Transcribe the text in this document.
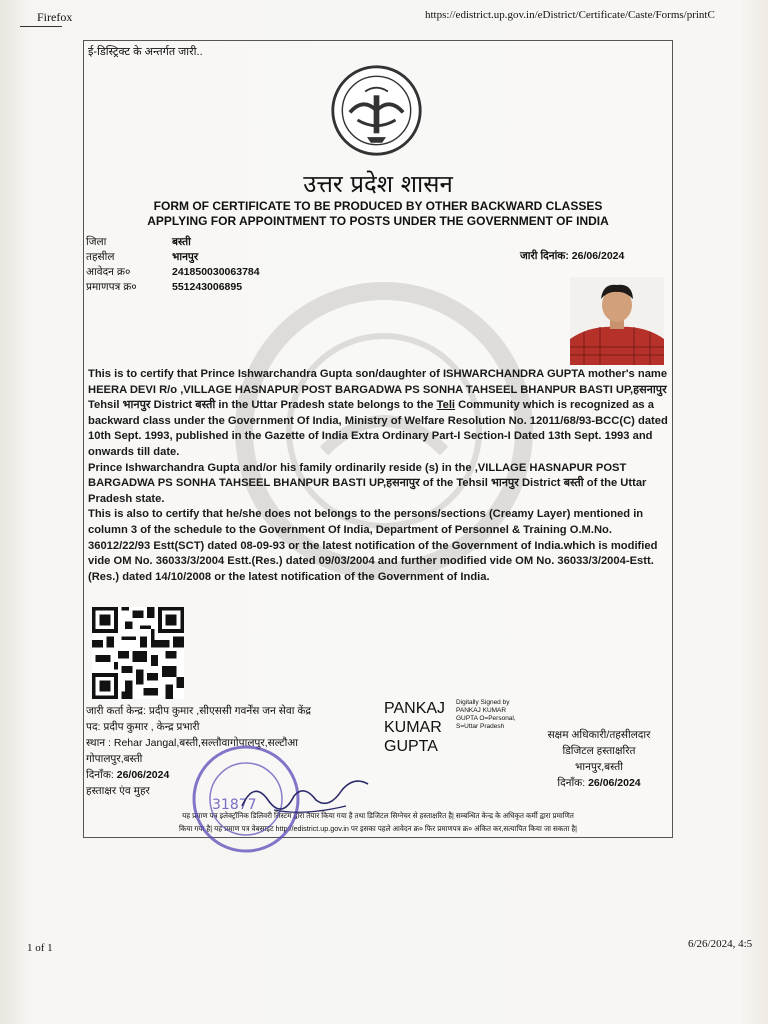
Firefox	https://edistrict.up.gov.in/eDistrict/Certificate/Caste/Forms/printC
ई-डिस्ट्रिक्ट के अन्तर्गत जारी..
उत्तर प्रदेश शासन
FORM OF CERTIFICATE TO BE PRODUCED BY OTHER BACKWARD CLASSES
APPLYING FOR APPOINTMENT TO POSTS UNDER THE GOVERNMENT OF INDIA
जिला	बस्ती
तहसील	भानपुर
आवेदन क्र०	241850030063784
प्रमाणपत्र क्र०	551243006895
जारी दिनांक: 26/06/2024

This is to certify that Prince Ishwarchandra Gupta son/daughter of ISHWARCHANDRA GUPTA mother's name HEERA DEVI R/o ,VILLAGE HASNAPUR POST BARGADWA PS SONHA TAHSEEL BHANPUR BASTI UP,हसनापुर Tehsil भानपुर District बस्ती in the Uttar Pradesh state belongs to the Teli Community which is recognized as a backward class under the Government Of India, Ministry of Welfare Resolution No. 12011/68/93-BCC(C) dated 10th Sept. 1993, published in the Gazette of India Extra Ordinary Part-I Section-I Dated 13th Sept. 1993 and onwards till date.

Prince Ishwarchandra Gupta and/or his family ordinarily reside (s) in the ,VILLAGE HASNAPUR POST BARGADWA PS SONHA TAHSEEL BHANPUR BASTI UP,हसनापुर of the Tehsil भानपुर District बस्ती of the Uttar Pradesh state.

This is also to certify that he/she does not belongs to the persons/sections (Creamy Layer) mentioned in column 3 of the schedule to the Government Of India, Department of Personnel & Training O.M.No. 36012/22/93 Estt(SCT) dated 08-09-93 or the latest notification of the Government of India.which is modified vide OM No. 36033/3/2004 Estt.(Res.) dated 09/03/2004 and further modified vide OM No. 36033/3/2004-Estt. (Res.) dated 14/10/2008 or the latest notification of the Government of India.

जारी कर्ता केन्द्र: प्रदीप कुमार ,सीएससी गवर्नेंस जन सेवा केंद्र
पद: प्रदीप कुमार , केन्द्र प्रभारी
स्थान : Rehar Jangal,बस्ती,सल्तौवागोपालपुर,सल्टौआ
गोपालपुर,बस्ती
दिनाँक: 26/06/2024
हस्ताक्षर एंव मुहर
PANKAJ
KUMAR
GUPTA
Digitally Signed by
PANKAJ KUMAR
GUPTA O=Personal,
S=Uttar Pradesh
सक्षम अधिकारी/तहसीलदार
डिजिटल हस्ताक्षरित
भानपुर,बस्ती
दिनाँक: 26/06/2024
यह प्रमाण पत्र इलेक्ट्रॉनिक डिलिवरी सिस्टम द्वारा तैयार किया गया है तथा डिजिटल सिग्नेचर से हस्ताक्षरित है| सम्बन्धित केन्द्र के अधिकृत कर्मी द्वारा प्रमाणित
किया गया है| यह प्रमाण पत्र वेबसाइट http://edistrict.up.gov.in पर इसका पहले आवेदन क्र० फिर प्रमाणपत्र क्र० अंकित कर,सत्यापित किया जा सकता है|
31877
1 of 1	6/26/2024, 4:5
